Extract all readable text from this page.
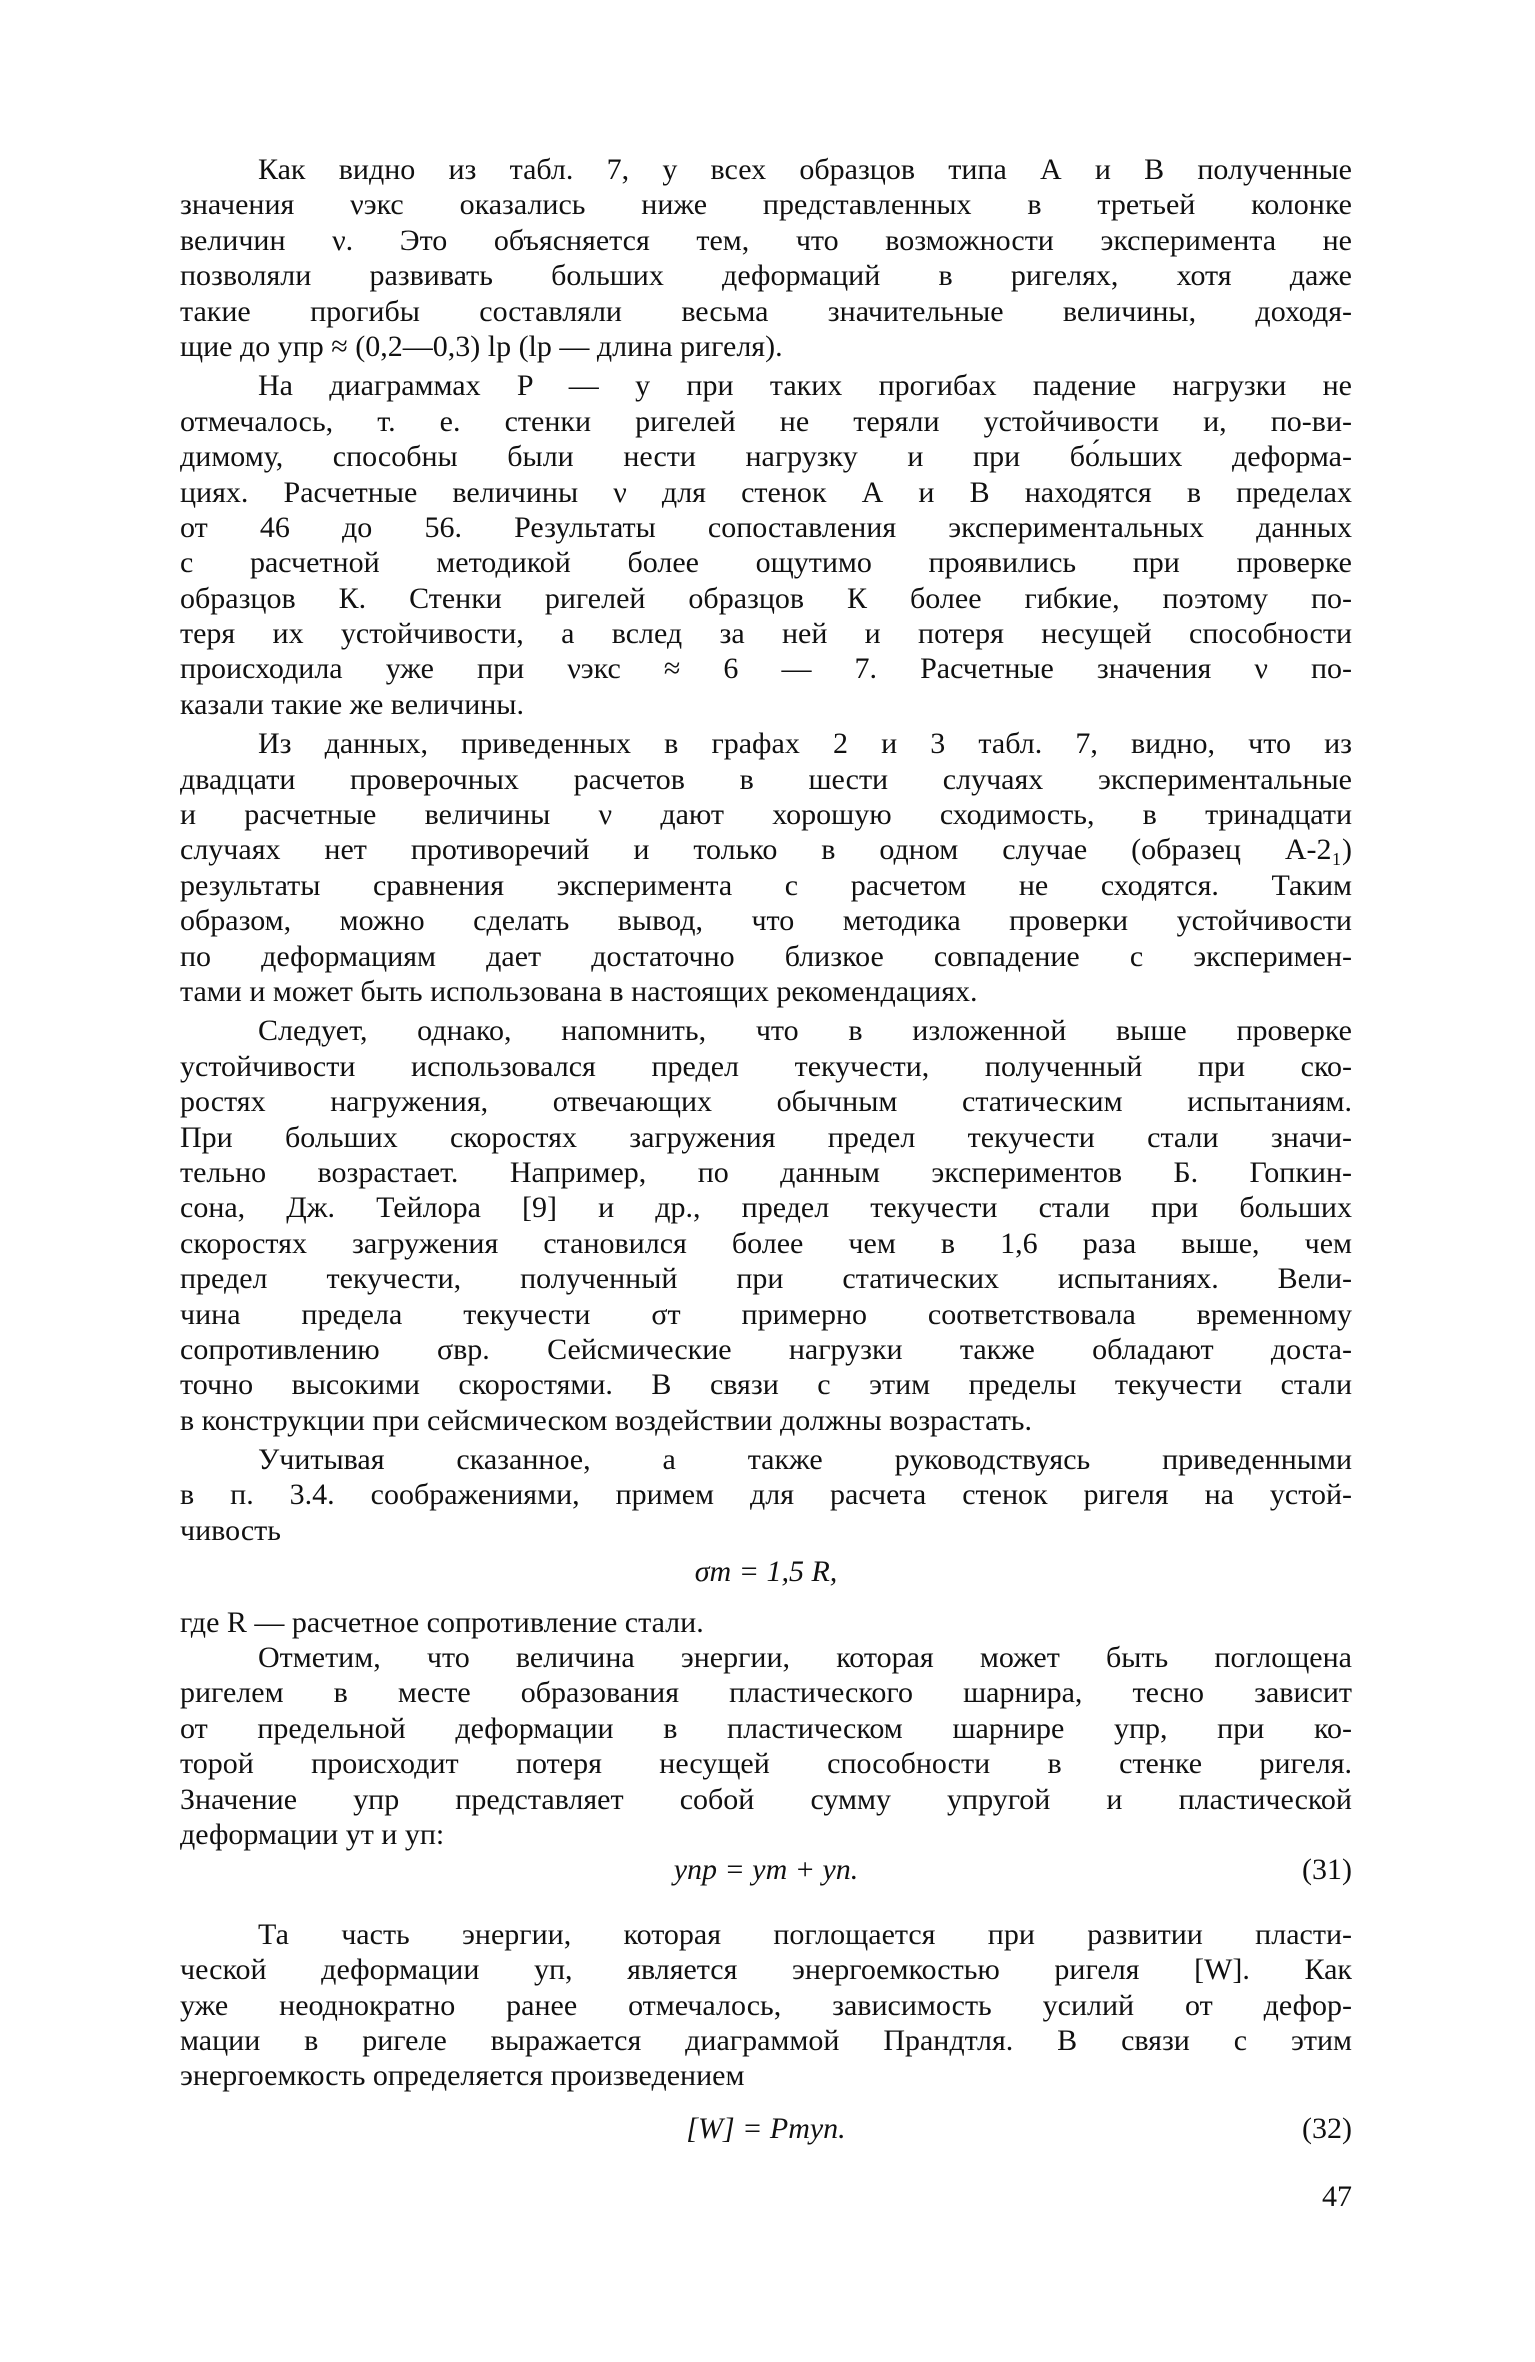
Как видно из табл. 7, у всех образцов типа А и В полученные
значения νэкс оказались ниже представленных в третьей колонке
величин ν. Это объясняется тем, что возможности эксперимента не
позволяли развивать больших деформаций в ригелях, хотя даже
такие прогибы составляли весьма значительные величины, доходя-
щие до yпр ≈ (0,2—0,3) lр (lр — длина ригеля).
На диаграммах P — y при таких прогибах падение нагрузки не
отмечалось, т. е. стенки ригелей не теряли устойчивости и, по-ви-
димому, способны были нести нагрузку и при бо́льших деформа-
циях. Расчетные величины ν для стенок А и В находятся в пределах
от 46 до 56. Результаты сопоставления экспериментальных данных
с расчетной методикой более ощутимо проявились при проверке
образцов К. Стенки ригелей образцов К более гибкие, поэтому по-
теря их устойчивости, а вслед за ней и потеря несущей способности
происходила уже при νэкс ≈ 6 — 7. Расчетные значения ν по-
казали такие же величины.
Из данных, приведенных в графах 2 и 3 табл. 7, видно, что из
двадцати проверочных расчетов в шести случаях экспериментальные
и расчетные величины ν дают хорошую сходимость, в тринадцати
случаях нет противоречий и только в одном случае (образец А-2₁)
результаты сравнения эксперимента с расчетом не сходятся. Таким
образом, можно сделать вывод, что методика проверки устойчивости
по деформациям дает достаточно близкое совпадение с эксперимен-
тами и может быть использована в настоящих рекомендациях.
Следует, однако, напомнить, что в изложенной выше проверке
устойчивости использовался предел текучести, полученный при ско-
ростях нагружения, отвечающих обычным статическим испытаниям.
При больших скоростях загружения предел текучести стали значи-
тельно возрастает. Например, по данным экспериментов Б. Гопкин-
сона, Дж. Тейлора [9] и др., предел текучести стали при больших
скоростях загружения становился более чем в 1,6 раза выше, чем
предел текучести, полученный при статических испытаниях. Вели-
чина предела текучести σт примерно соответствовала временному
сопротивлению σвр. Сейсмические нагрузки также обладают доста-
точно высокими скоростями. В связи с этим пределы текучести стали
в конструкции при сейсмическом воздействии должны возрастать.
Учитывая сказанное, а также руководствуясь приведенными
в п. 3.4. соображениями, примем для расчета стенок ригеля на устой-
чивость
σт = 1,5 R,
где R — расчетное сопротивление стали.
Отметим, что величина энергии, которая может быть поглощена
ригелем в месте образования пластического шарнира, тесно зависит
от предельной деформации в пластическом шарнире yпр, при ко-
торой происходит потеря несущей способности в стенке ригеля.
Значение yпр представляет собой сумму упругой и пластической
деформации yт и yп:
yпр = yт + yп.	(31)
Та часть энергии, которая поглощается при развитии пласти-
ческой деформации yп, является энергоемкостью ригеля [W]. Как
уже неоднократно ранее отмечалось, зависимость усилий от дефор-
мации в ригеле выражается диаграммой Прандтля. В связи с этим
энергоемкость определяется произведением
[W] = Pтyп.	(32)
47
